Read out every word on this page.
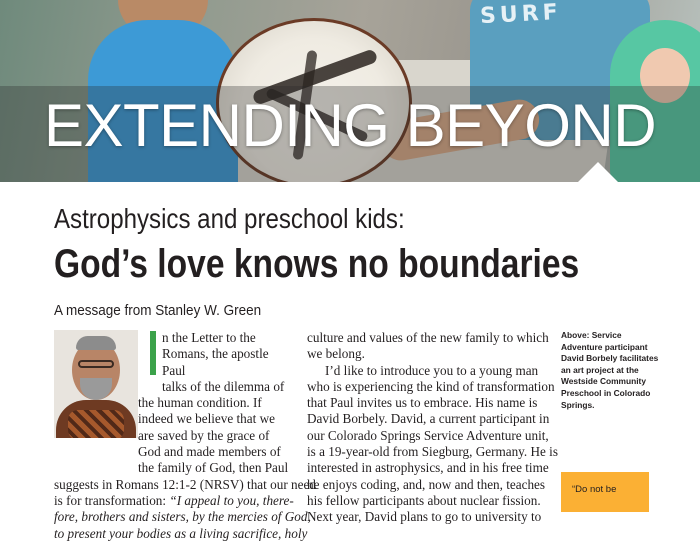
SURF
EXTENDING BEYOND
Astrophysics and preschool kids:
God’s love knows no boundaries
A message from Stanley W. Green
n the Letter to the
Romans, the apostle Paul
talks of the dilemma of
the human condition. If
indeed we believe that we
are saved by the grace of
God and made members of
the family of God, then Paul
suggests in Romans 12:1-2 (NRSV) that our need
is for transformation: “I appeal to you, there-
fore, brothers and sisters, by the mercies of God,
to present your bodies as a living sacrifice, holy
culture and values of the new family to which
we belong.
I’d like to introduce you to a young man
who is experiencing the kind of transformation
that Paul invites us to embrace. His name is
David Borbely. David, a current participant in
our Colorado Springs Service Adventure unit,
is a 19-year-old from Siegburg, Germany. He is
interested in astrophysics, and in his free time
he enjoys coding, and, now and then, teaches
his fellow participants about nuclear fission.
Next year, David plans to go to university to
Above: Service
Adventure participant
David Borbely facilitates
an art project at the
Westside Community
Preschool in Colorado
Springs.
“Do not be
